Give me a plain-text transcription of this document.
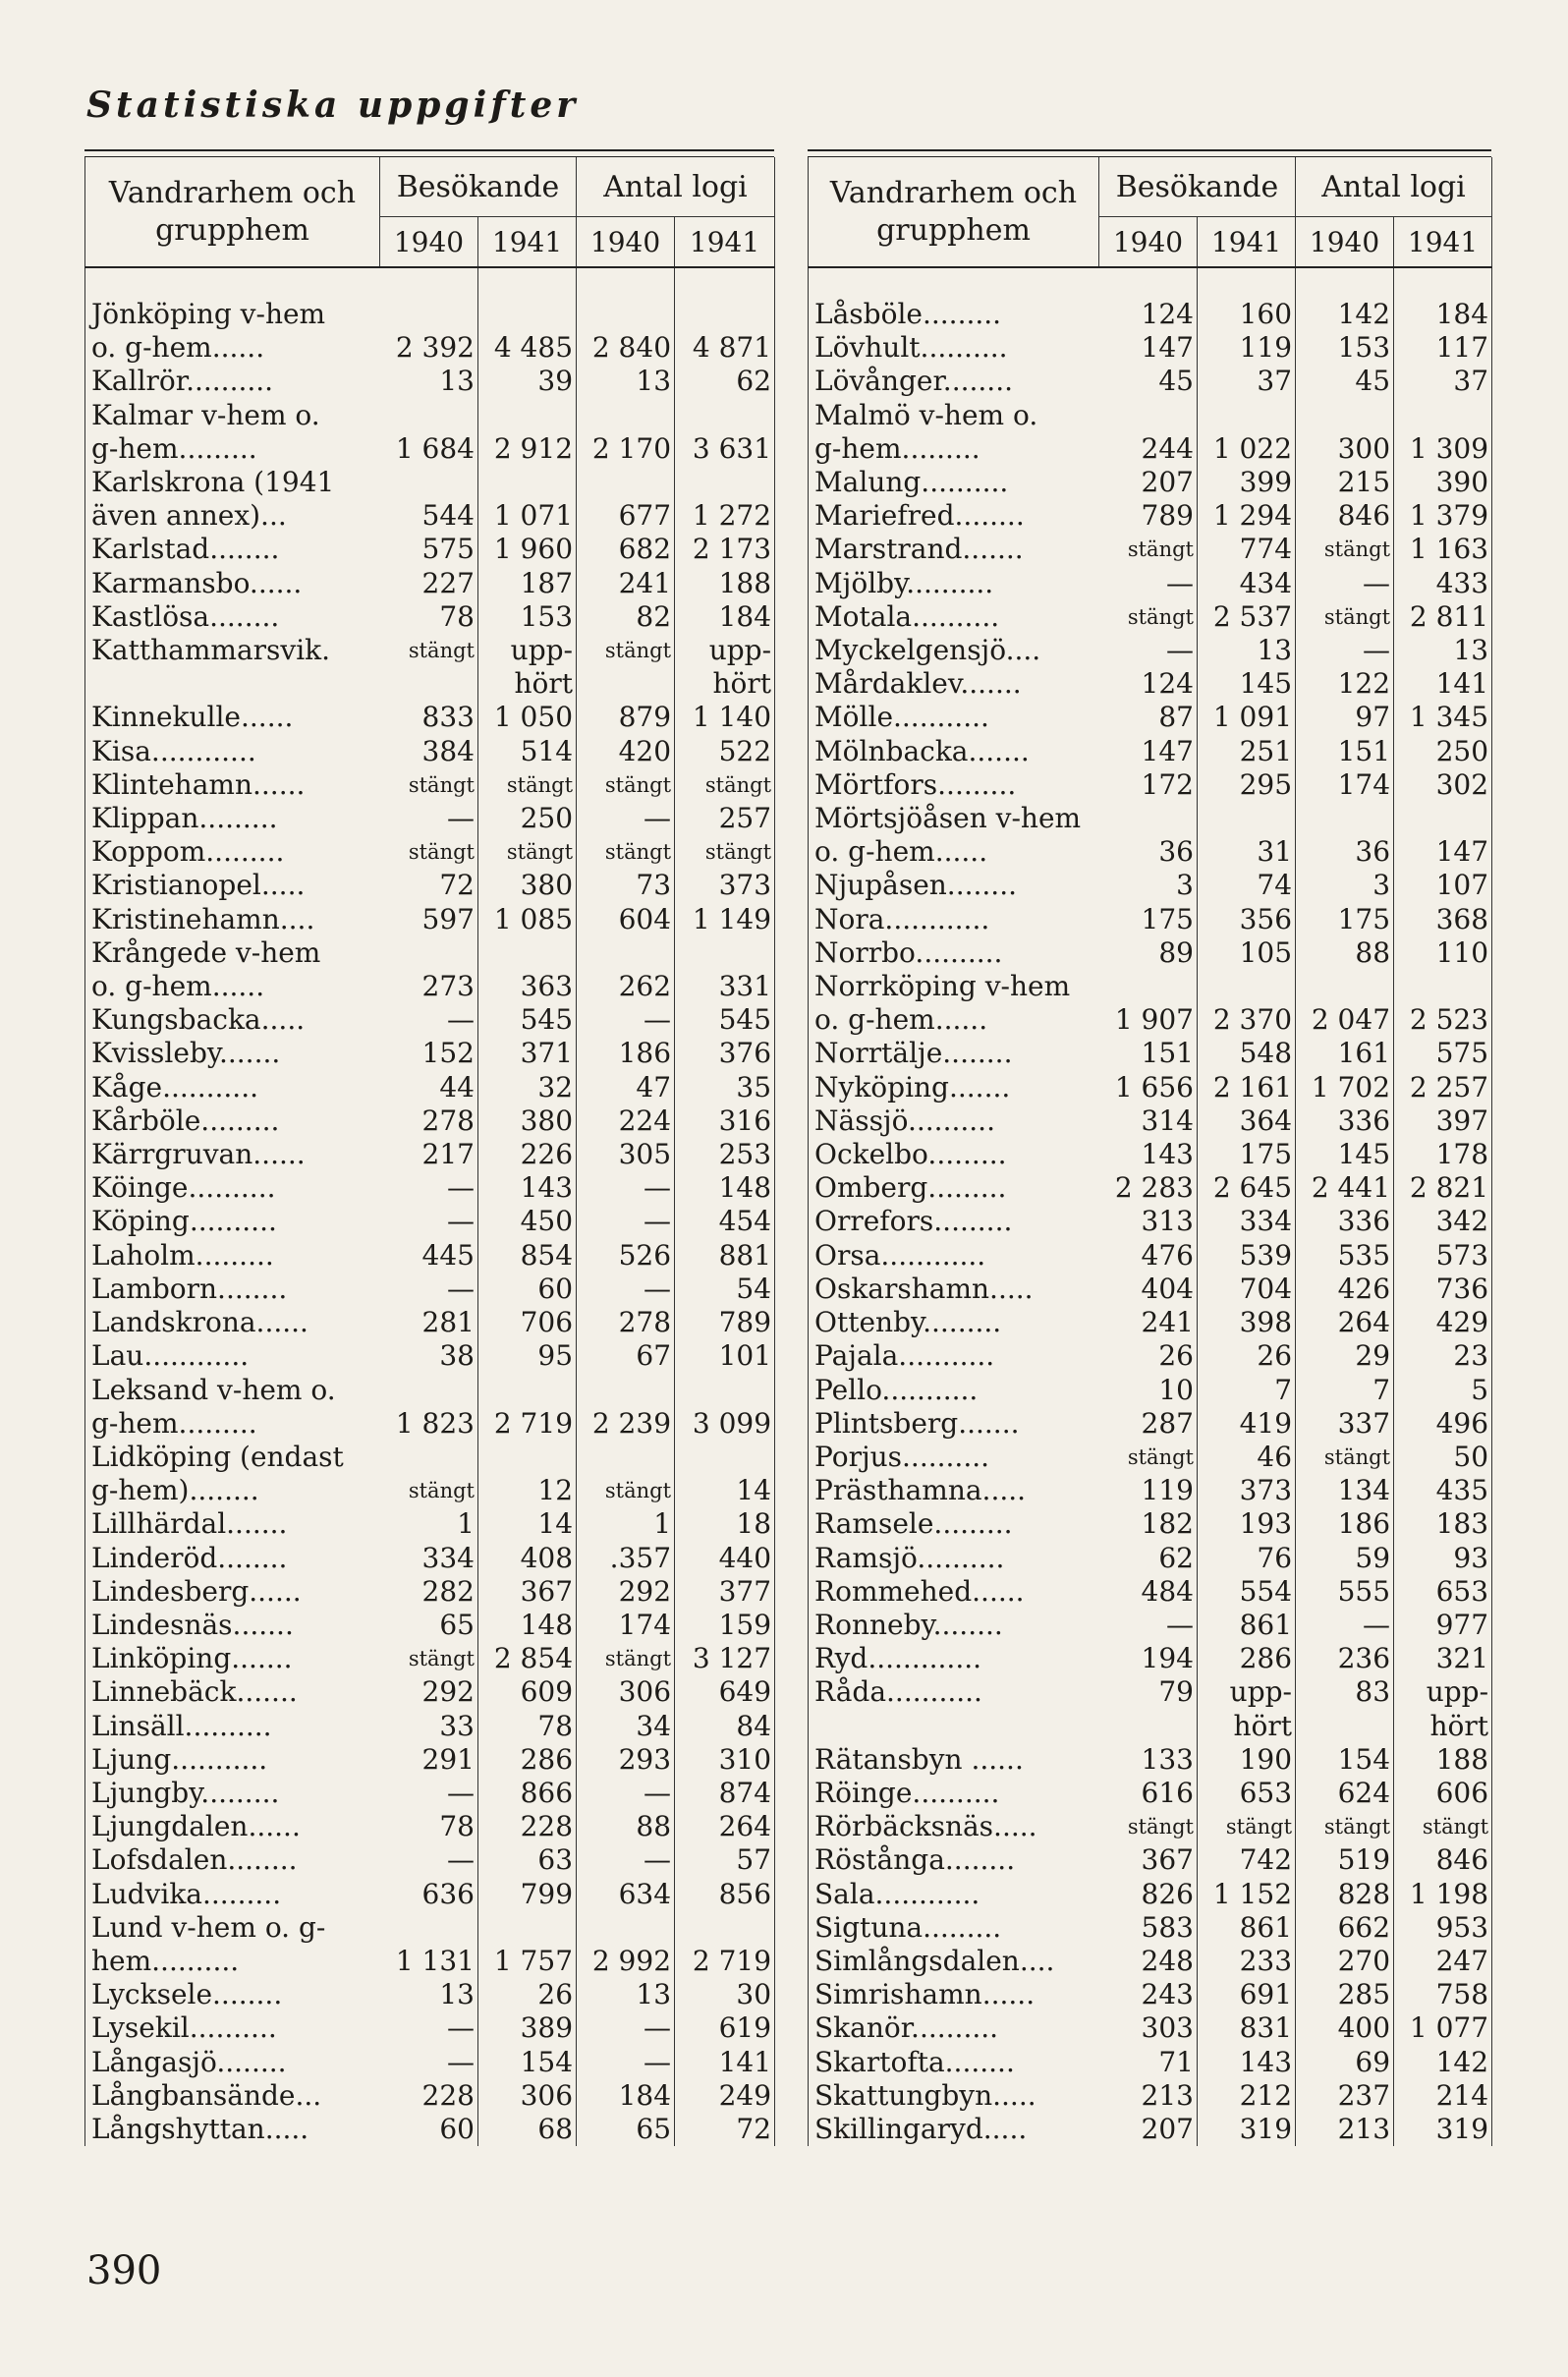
Statistiska uppgifter
Vandrarhem och grupphem	Besökande		Antal logi	
	1940	1941	1940	1941

Jönköping v-hem				
o. g-hem......	2 392	4 485	2 840	4 871
Kallrör..........	13	39	13	62
Kalmar v-hem o.				
g-hem.........	1 684	2 912	2 170	3 631
Karlskrona (1941				
även annex)...	544	1 071	677	1 272
Karlstad........	575	1 960	682	2 173
Karmansbo......	227	187	241	188
Kastlösa........	78	153	82	184
Katthammarsvik.	stängt	upp-	stängt	upp-
		hört		hört
Kinnekulle......	833	1 050	879	1 140
Kisa............	384	514	420	522
Klintehamn......	stängt	stängt	stängt	stängt
Klippan.........	—	250	—	257
Koppom.........	stängt	stängt	stängt	stängt
Kristianopel.....	72	380	73	373
Kristinehamn....	597	1 085	604	1 149
Krångede v-hem				
o. g-hem......	273	363	262	331
Kungsbacka.....	—	545	—	545
Kvissleby.......	152	371	186	376
Kåge...........	44	32	47	35
Kårböle.........	278	380	224	316
Kärrgruvan......	217	226	305	253
Köinge..........	—	143	—	148
Köping..........	—	450	—	454
Laholm.........	445	854	526	881
Lamborn........	—	60	—	54
Landskrona......	281	706	278	789
Lau............	38	95	67	101
Leksand v-hem o.				
g-hem.........	1 823	2 719	2 239	3 099
Lidköping (endast				
g-hem)........	stängt	12	stängt	14
Lillhärdal.......	1	14	1	18
Linderöd........	334	408	.357	440
Lindesberg......	282	367	292	377
Lindesnäs.......	65	148	174	159
Linköping.......	stängt	2 854	stängt	3 127
Linnebäck.......	292	609	306	649
Linsäll..........	33	78	34	84
Ljung...........	291	286	293	310
Ljungby.........	—	866	—	874
Ljungdalen......	78	228	88	264
Lofsdalen........	—	63	—	57
Ludvika.........	636	799	634	856
Lund v-hem o. g-				
hem..........	1 131	1 757	2 992	2 719
Lycksele........	13	26	13	30
Lysekil..........	—	389	—	619
Långasjö........	—	154	—	141
Långbansände...	228	306	184	249
Långshyttan.....	60	68	65	72
Vandrarhem och grupphem	Besökande		Antal logi	
	1940	1941	1940	1941

Låsböle.........	124	160	142	184
Lövhult..........	147	119	153	117
Lövånger........	45	37	45	37
Malmö v-hem o.				
g-hem.........	244	1 022	300	1 309
Malung..........	207	399	215	390
Mariefred........	789	1 294	846	1 379
Marstrand.......	stängt	774	stängt	1 163
Mjölby..........	—	434	—	433
Motala..........	stängt	2 537	stängt	2 811
Myckelgensjö....	—	13	—	13
Mårdaklev.......	124	145	122	141
Mölle...........	87	1 091	97	1 345
Mölnbacka.......	147	251	151	250
Mörtfors.........	172	295	174	302
Mörtsjöåsen v-hem				
o. g-hem......	36	31	36	147
Njupåsen........	3	74	3	107
Nora............	175	356	175	368
Norrbo..........	89	105	88	110
Norrköping v-hem				
o. g-hem......	1 907	2 370	2 047	2 523
Norrtälje........	151	548	161	575
Nyköping.......	1 656	2 161	1 702	2 257
Nässjö..........	314	364	336	397
Ockelbo.........	143	175	145	178
Omberg.........	2 283	2 645	2 441	2 821
Orrefors.........	313	334	336	342
Orsa............	476	539	535	573
Oskarshamn.....	404	704	426	736
Ottenby.........	241	398	264	429
Pajala...........	26	26	29	23
Pello...........	10	7	7	5
Plintsberg.......	287	419	337	496
Porjus..........	stängt	46	stängt	50
Prästhamna.....	119	373	134	435
Ramsele.........	182	193	186	183
Ramsjö..........	62	76	59	93
Rommehed......	484	554	555	653
Ronneby........	—	861	—	977
Ryd.............	194	286	236	321
Råda...........	79	upp-	83	upp-
		hört		hört
Rätansbyn ......	133	190	154	188
Röinge..........	616	653	624	606
Rörbäcksnäs.....	stängt	stängt	stängt	stängt
Röstånga........	367	742	519	846
Sala............	826	1 152	828	1 198
Sigtuna.........	583	861	662	953
Simlångsdalen....	248	233	270	247
Simrishamn......	243	691	285	758
Skanör..........	303	831	400	1 077
Skartofta........	71	143	69	142
Skattungbyn.....	213	212	237	214
Skillingaryd.....	207	319	213	319
390
